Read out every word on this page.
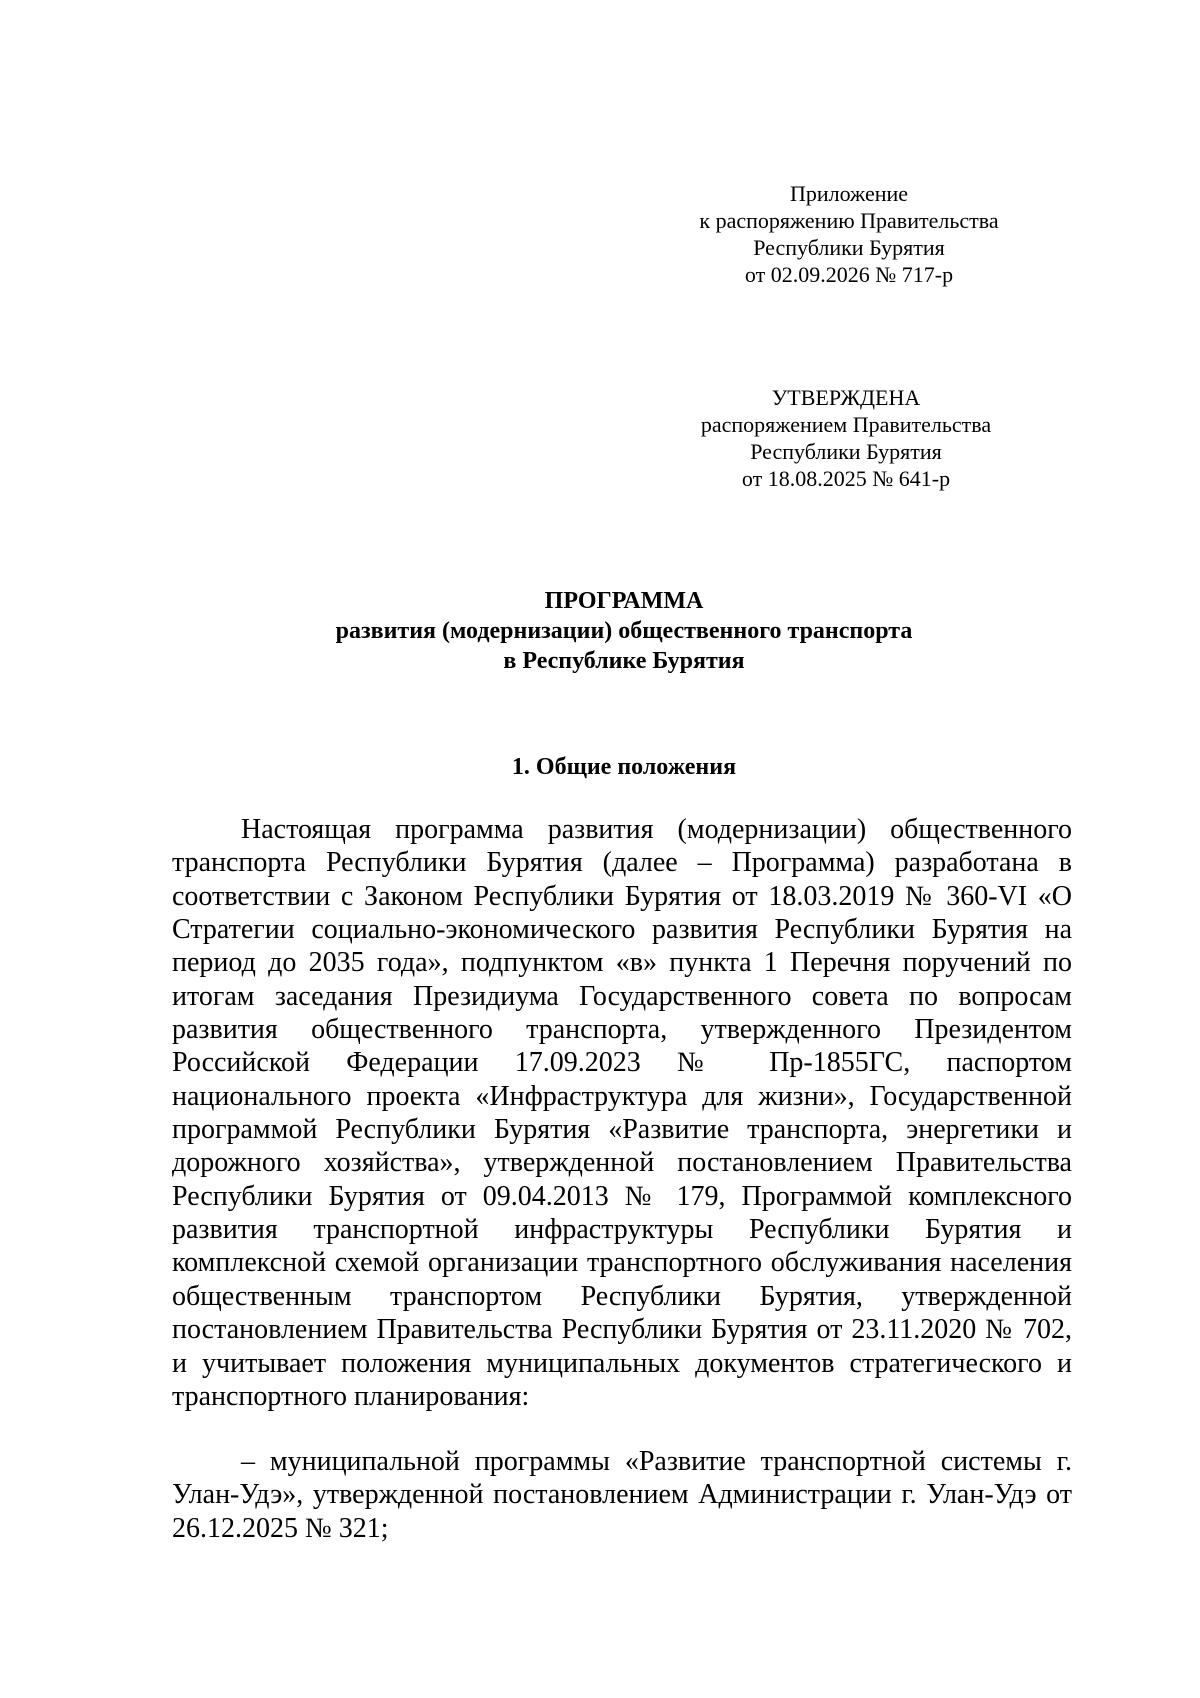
Приложение
к распоряжению Правительства
Республики Бурятия
от 02.09.2026 № 717-р
УТВЕРЖДЕНА
распоряжением Правительства
Республики Бурятия
от 18.08.2025 № 641-р
ПРОГРАММА
развития (модернизации) общественного транспорта
в Республике Бурятия
1. Общие положения
Настоящая программа развития (модернизации) общественного
транспорта Республики Бурятия (далее – Программа) разработана в
соответствии с Законом Республики Бурятия от 18.03.2019 № 360-VI «О
Стратегии социально-экономического развития Республики Бурятия на
период до 2035 года», подпунктом «в» пункта 1 Перечня поручений по
итогам заседания Президиума Государственного совета по вопросам
развития общественного транспорта, утвержденного Президентом
Российской Федерации 17.09.2023 № Пр-1855ГС, паспортом
национального проекта «Инфраструктура для жизни», Государственной
программой Республики Бурятия «Развитие транспорта, энергетики и
дорожного хозяйства», утвержденной постановлением Правительства
Республики Бурятия от 09.04.2013 № 179, Программой комплексного
развития транспортной инфраструктуры Республики Бурятия и
комплексной схемой организации транспортного обслуживания населения
общественным транспортом Республики Бурятия, утвержденной
постановлением Правительства Республики Бурятия от 23.11.2020 № 702,
и учитывает положения муниципальных документов стратегического и
транспортного планирования:
– муниципальной программы «Развитие транспортной системы г.
Улан-Удэ», утвержденной постановлением Администрации г. Улан-Удэ от
26.12.2025 № 321;
